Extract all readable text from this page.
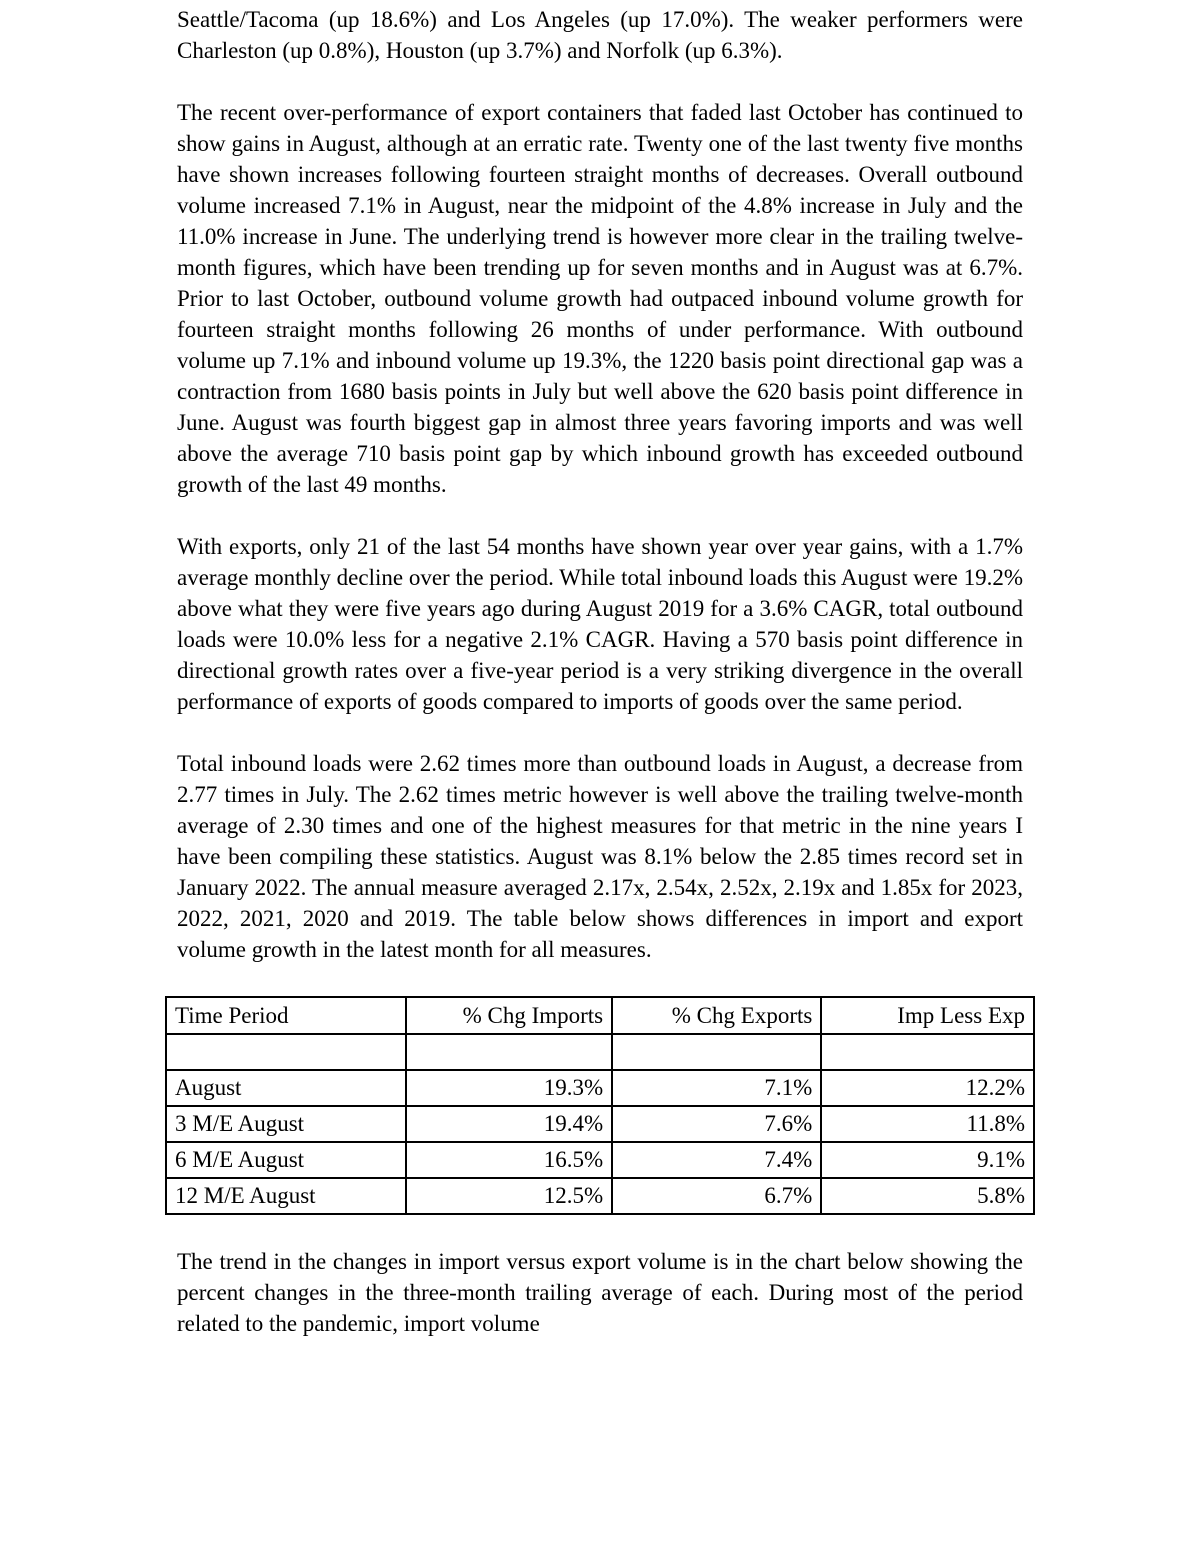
Seattle/Tacoma (up 18.6%) and Los Angeles (up 17.0%). The weaker performers were Charleston (up 0.8%), Houston (up 3.7%) and Norfolk (up 6.3%).

The recent over-performance of export containers that faded last October has continued to show gains in August, although at an erratic rate. Twenty one of the last twenty five months have shown increases following fourteen straight months of decreases. Overall outbound volume increased 7.1% in August, near the midpoint of the 4.8% increase in July and the 11.0% increase in June. The underlying trend is however more clear in the trailing twelve-month figures, which have been trending up for seven months and in August was at 6.7%. Prior to last October, outbound volume growth had outpaced inbound volume growth for fourteen straight months following 26 months of under performance. With outbound volume up 7.1% and inbound volume up 19.3%, the 1220 basis point directional gap was a contraction from 1680 basis points in July but well above the 620 basis point difference in June. August was fourth biggest gap in almost three years favoring imports and was well above the average 710 basis point gap by which inbound growth has exceeded outbound growth of the last 49 months.

With exports, only 21 of the last 54 months have shown year over year gains, with a 1.7% average monthly decline over the period. While total inbound loads this August were 19.2% above what they were five years ago during August 2019 for a 3.6% CAGR, total outbound loads were 10.0% less for a negative 2.1% CAGR. Having a 570 basis point difference in directional growth rates over a five-year period is a very striking divergence in the overall performance of exports of goods compared to imports of goods over the same period.

Total inbound loads were 2.62 times more than outbound loads in August, a decrease from 2.77 times in July. The 2.62 times metric however is well above the trailing twelve-month average of 2.30 times and one of the highest measures for that metric in the nine years I have been compiling these statistics. August was 8.1% below the 2.85 times record set in January 2022. The annual measure averaged 2.17x, 2.54x, 2.52x, 2.19x and 1.85x for 2023, 2022, 2021, 2020 and 2019. The table below shows differences in import and export volume growth in the latest month for all measures.

Time Period	% Chg Imports	% Chg Exports	Imp Less Exp

August	19.3%	7.1%	12.2%
3 M/E August	19.4%	7.6%	11.8%
6 M/E August	16.5%	7.4%	9.1%
12 M/E August	12.5%	6.7%	5.8%

The trend in the changes in import versus export volume is in the chart below showing the percent changes in the three-month trailing average of each. During most of the period related to the pandemic, import volume
